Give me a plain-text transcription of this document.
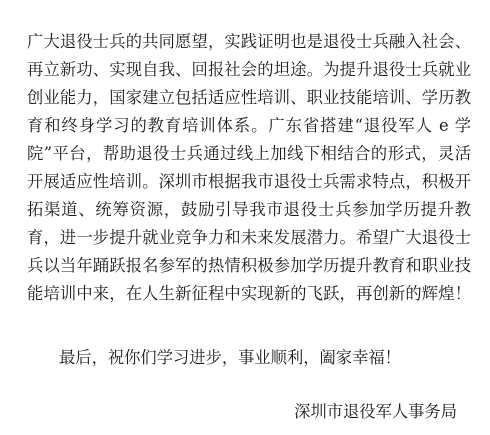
广大退役士兵的共同愿望，实践证明也是退役士兵融入社会、
再立新功、实现自我、回报社会的坦途。为提升退役士兵就业
创业能力，国家建立包括适应性培训、职业技能培训、学历教
育和终身学习的教育培训体系。广东省搭建“退役军人 e 学
院”平台，帮助退役士兵通过线上加线下相结合的形式，灵活
开展适应性培训。深圳市根据我市退役士兵需求特点，积极开
拓渠道、统筹资源，鼓励引导我市退役士兵参加学历提升教
育，进一步提升就业竞争力和未来发展潜力。希望广大退役士
兵以当年踊跃报名参军的热情积极参加学历提升教育和职业技
能培训中来，在人生新征程中实现新的飞跃，再创新的辉煌！
最后，祝你们学习进步，事业顺利，阖家幸福！
深圳市退役军人事务局
